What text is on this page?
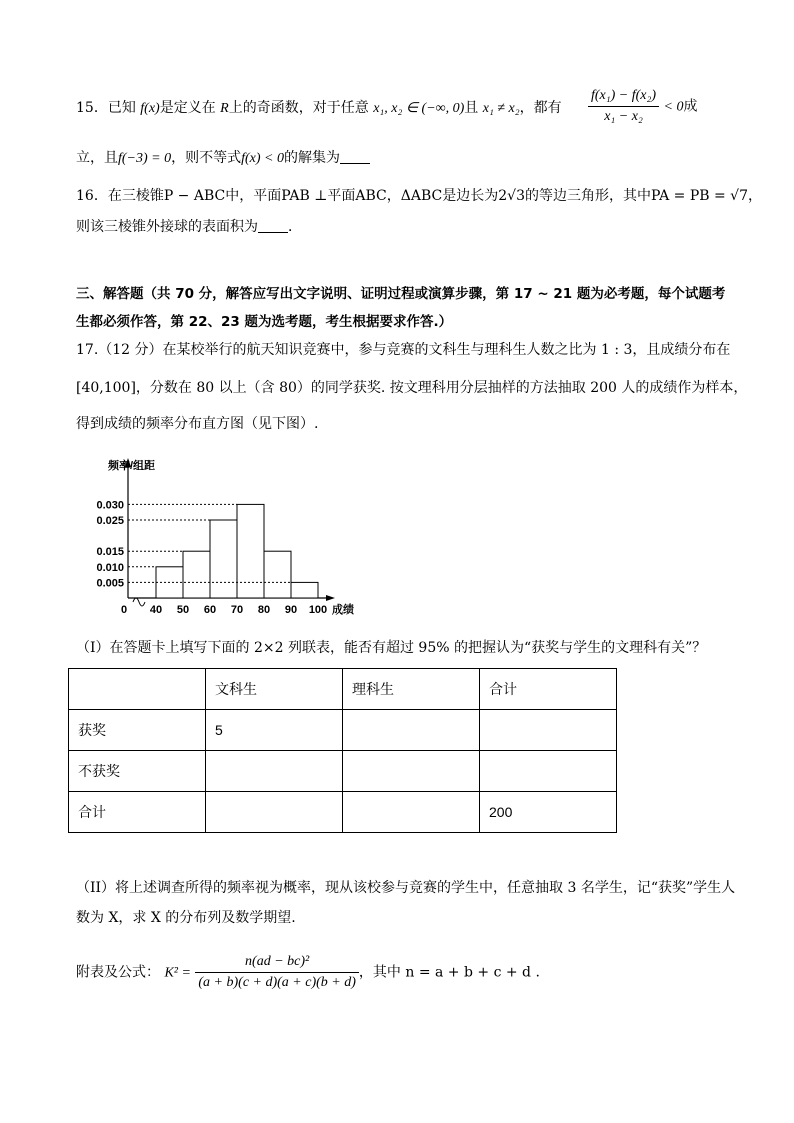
15．已知 f(x)是定义在 R上的奇函数，对于任意 x₁, x₂ ∈ (−∞, 0)且 x₁ ≠ x₂，都有 $\frac{\text{f(x₁) − f(x₂)}}{\text{x₁ − x₂}} < 0$成
立，且f(−3) = 0，则不等式f(x) < 0的解集为
16．在三棱锥P − ABC中，平面PAB ⊥平面ABC，ΔABC是边长为2√3的等边三角形，其中PA = PB = √7，
则该三棱锥外接球的表面积为 ．
三、解答题（共 70 分，解答应写出文字说明、证明过程或演算步骤，第 17 ~ 21 题为必考题，每个试题考
生都必须作答，第 22、23 题为选考题，考生根据要求作答.）
17.（12 分）在某校举行的航天知识竞赛中，参与竞赛的文科生与理科生人数之比为 1 : 3，且成绩分布在
[40,100]，分数在 80 以上（含 80）的同学获奖. 按文理科用分层抽样的方法抽取 200 人的成绩作为样本，
得到成绩的频率分布直方图（见下图）.
频率/组距
0.030
0.025
0.015
0.010
0.005
0 40 50 60 70 80 90 100 成绩
（I）在答题卡上填写下面的 2×2 列联表，能否有超过 95% 的把握认为“获奖与学生的文理科有关”？
	文科生	理科生	合计
获奖	5		
不获奖			
合计			200
（II）将上述调查所得的频率视为概率，现从该校参与竞赛的学生中，任意抽取 3 名学生，记“获奖”学生人
数为 X，求 X 的分布列及数学期望.
附表及公式： $K^2 = \frac{\text{n(ad − bc)²}}{(a + b)(c + d)(a + c)(b + d)}$ ，其中 n = a + b + c + d .
